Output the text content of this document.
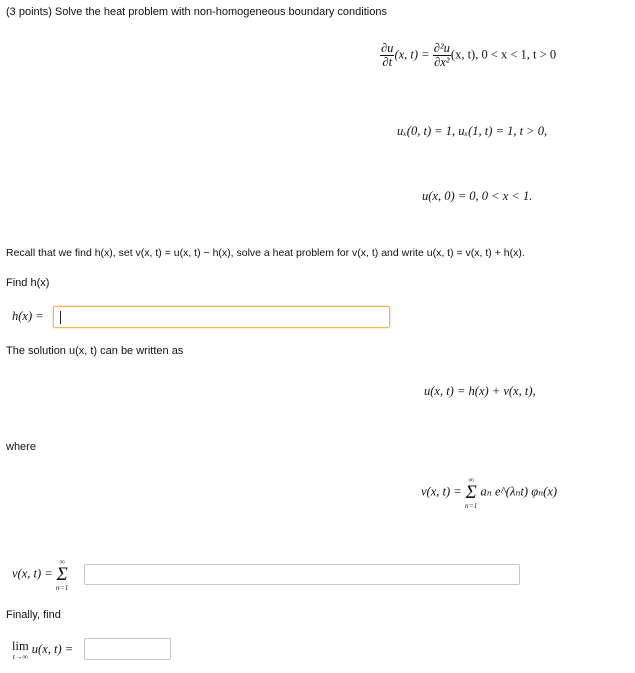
(3 points) Solve the heat problem with non-homogeneous boundary conditions
$\frac{\partial u}{\partial t} (x$, $t) = \frac{\text{∂²u}}{\text{∂x²}} (x$, t), 0 < x < 1, t > 0
uₓ(0, t) = 1, uₓ(1, t) = 1, t > 0,
u(x, 0) = 0, 0 < x < 1.
Recall that we find h(x), set v(x, t) = u(x, t) − h(x), solve a heat problem for v(x, t) and write u(x, t) = v(x, t) + h(x).
Find h(x)
h(x) =
The solution u(x, t) can be written as
u(x, t) = h(x) + v(x, t),
where
v(x, t) =
∞
Σ
n=1
aₙ e^(λₙt) φₙ(x)
v(x, t) =
∞
Σ
n=1
Finally, find
lim
t→∞
u(x, t) =
